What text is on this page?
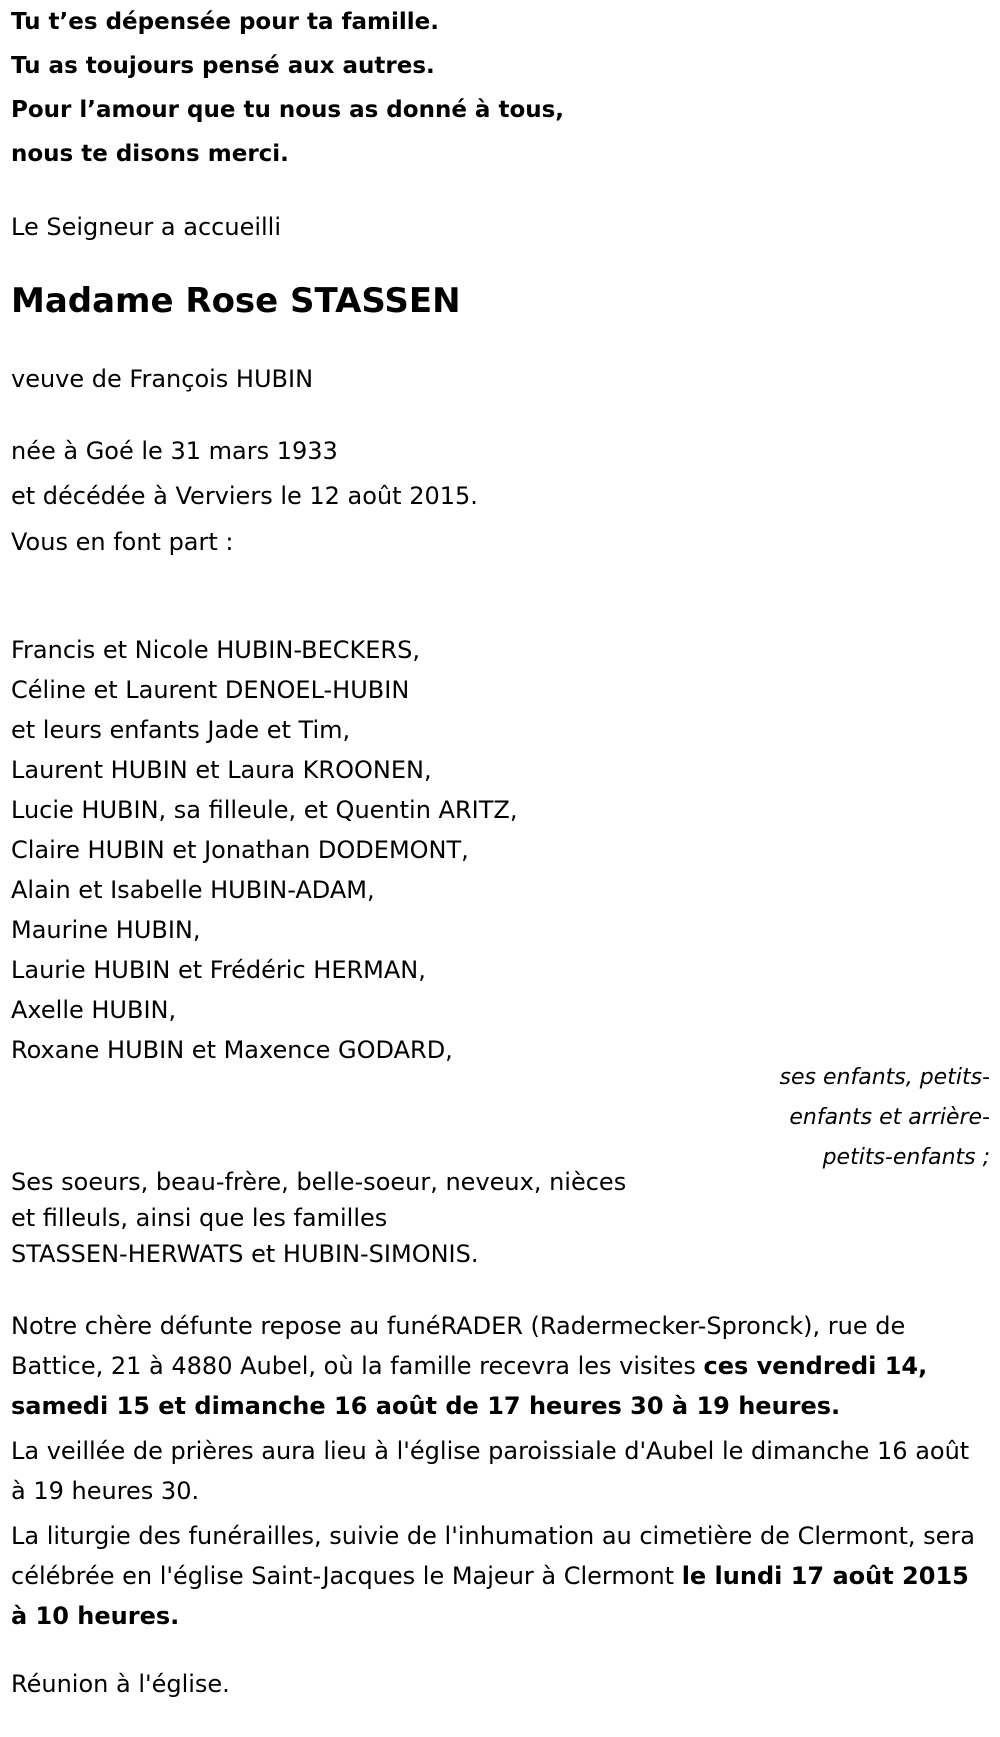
Tu t’es dépensée pour ta famille.

Tu as toujours pensé aux autres.

Pour l’amour que tu nous as donné à tous,

nous te disons merci.

Le Seigneur a accueilli

Madame Rose STASSEN

veuve de François HUBIN

née à Goé le 31 mars 1933

et décédée à Verviers le 12 août 2015.

Vous en font part :

Francis et Nicole HUBIN-BECKERS,
Céline et Laurent DENOEL-HUBIN
et leurs enfants Jade et Tim,
Laurent HUBIN et Laura KROONEN,
Lucie HUBIN, sa filleule, et Quentin ARITZ,
Claire HUBIN et Jonathan DODEMONT,
Alain et Isabelle HUBIN-ADAM,
Maurine HUBIN,
Laurie HUBIN et Frédéric HERMAN,
Axelle HUBIN,
Roxane HUBIN et Maxence GODARD,

ses enfants, petits-
enfants et arrière-
petits-enfants ;

Ses soeurs, beau-frère, belle-soeur, neveux, nièces

et filleuls, ainsi que les familles

STASSEN-HERWATS et HUBIN-SIMONIS.

Notre chère défunte repose au funéRADER (Radermecker-Spronck), rue de Battice, 21 à 4880 Aubel, où la famille recevra les visites ces vendredi 14, samedi 15 et dimanche 16 août de 17 heures 30 à 19 heures.

La veillée de prières aura lieu à l'église paroissiale d'Aubel le dimanche 16 août à 19 heures 30.

La liturgie des funérailles, suivie de l'inhumation au cimetière de Clermont, sera célébrée en l'église Saint-Jacques le Majeur à Clermont le lundi 17 août 2015 à 10 heures.

Réunion à l'église.
